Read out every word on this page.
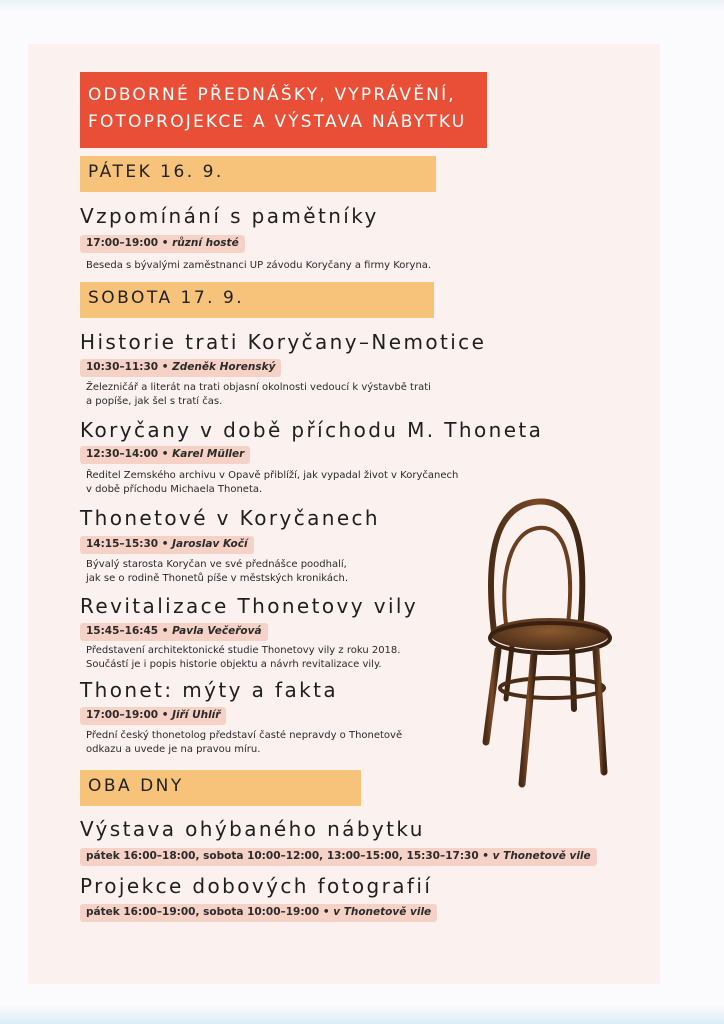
ODBORNÉ PŘEDNÁŠKY, VYPRÁVĚNÍ,
FOTOPROJEKCE A VÝSTAVA NÁBYTKU
PÁTEK 16. 9.
Vzpomínání s pamětníky
17:00–19:00 • různí hosté
Beseda s bývalými zaměstnanci UP závodu Koryčany a firmy Koryna.
SOBOTA 17. 9.
Historie trati Koryčany–Nemotice
10:30–11:30 • Zdeněk Horenský
Železničář a literát na trati objasní okolnosti vedoucí k výstavbě trati
a popíše, jak šel s tratí čas.
Koryčany v době příchodu M. Thoneta
12:30–14:00 • Karel Müller
Ředitel Zemského archivu v Opavě přiblíží, jak vypadal život v Koryčanech
v době příchodu Michaela Thoneta.
Thonetové v Koryčanech
14:15–15:30 • Jaroslav Kočí
Bývalý starosta Koryčan ve své přednášce poodhalí,
jak se o rodině Thonetů píše v městských kronikách.
Revitalizace Thonetovy vily
15:45–16:45 • Pavla Večeřová
Představení architektonické studie Thonetovy vily z roku 2018.
Součástí je i popis historie objektu a návrh revitalizace vily.
Thonet: mýty a fakta
17:00–19:00 • Jiří Uhlíř
Přední český thonetolog představí časté nepravdy o Thonetově
odkazu a uvede je na pravou míru.
OBA DNY
Výstava ohýbaného nábytku
pátek 16:00–18:00, sobota 10:00–12:00, 13:00–15:00, 15:30–17:30 • v Thonetově vile
Projekce dobových fotografií
pátek 16:00–19:00, sobota 10:00–19:00 • v Thonetově vile
